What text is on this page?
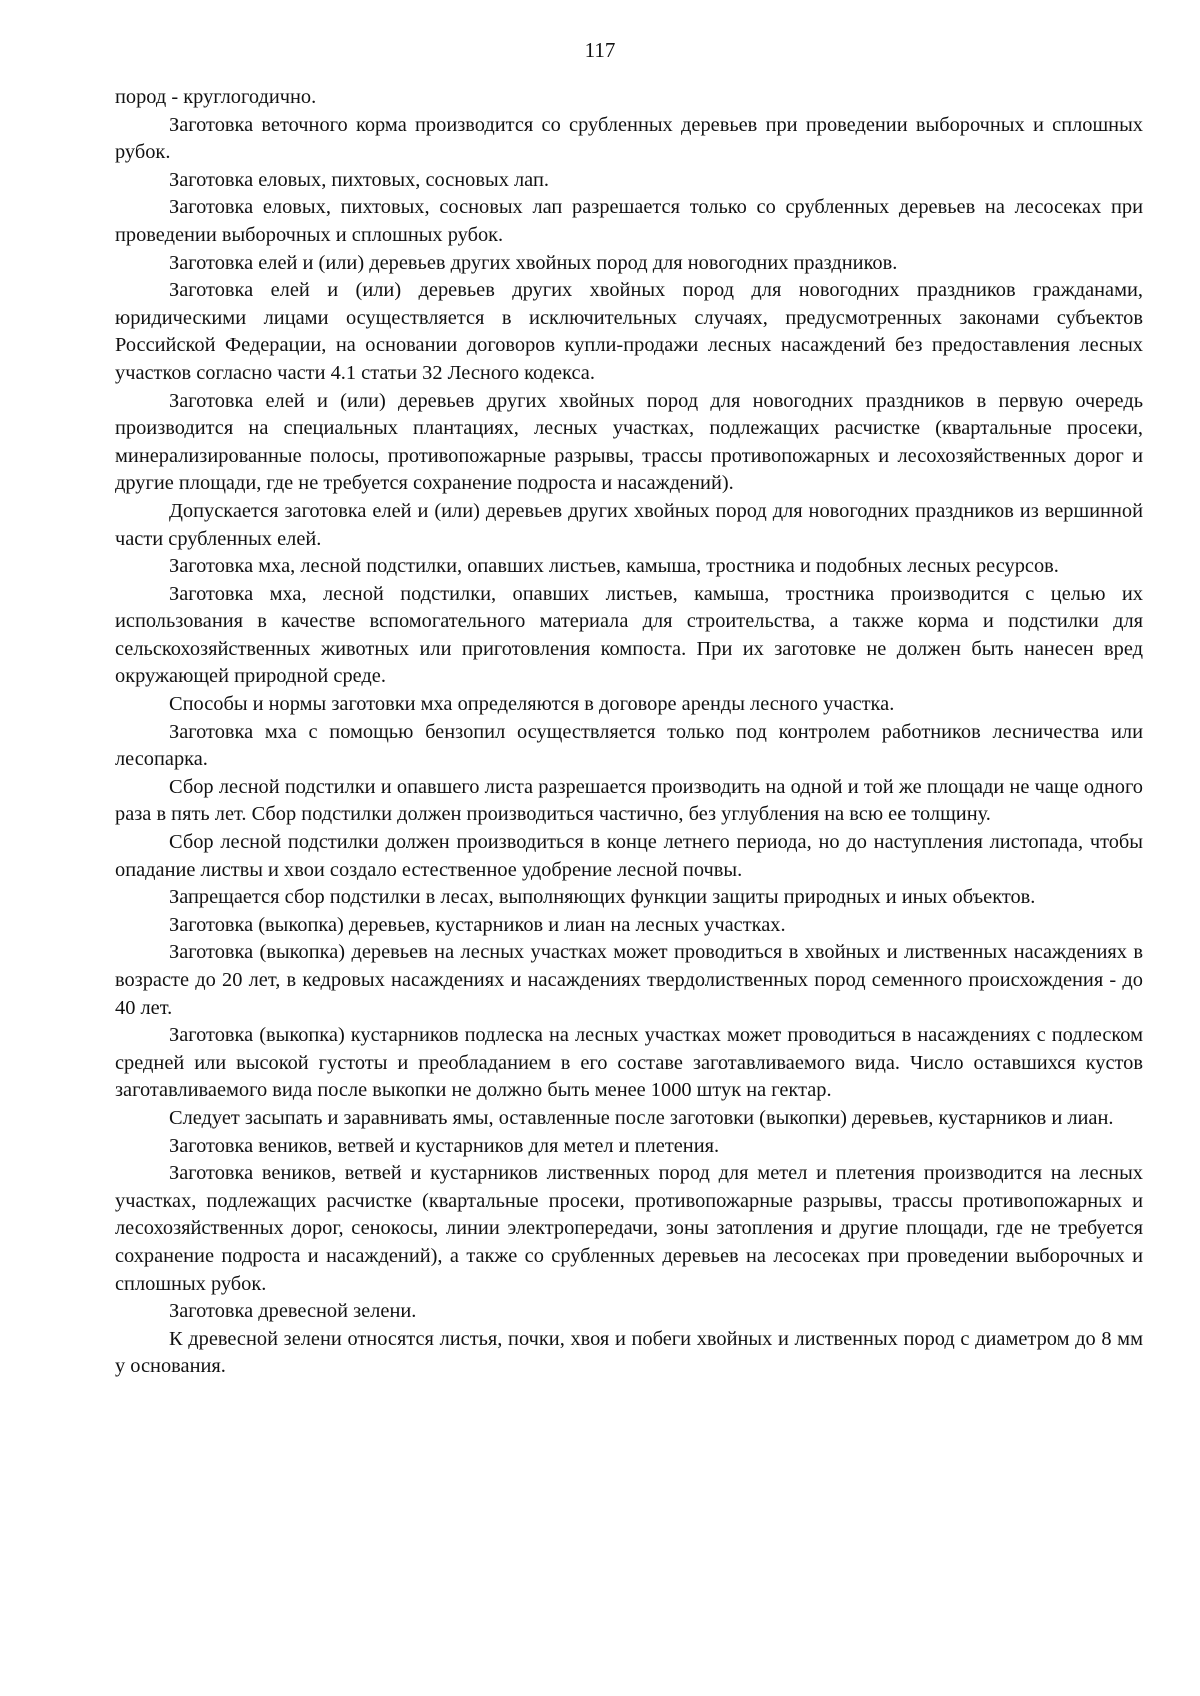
117

пород - круглогодично.

Заготовка веточного корма производится со срубленных деревьев при проведении выборочных и сплошных рубок.

Заготовка еловых, пихтовых, сосновых лап.

Заготовка еловых, пихтовых, сосновых лап разрешается только со срубленных деревьев на лесосеках при проведении выборочных и сплошных рубок.

Заготовка елей и (или) деревьев других хвойных пород для новогодних праздников.

Заготовка елей и (или) деревьев других хвойных пород для новогодних праздников гражданами, юридическими лицами осуществляется в исключительных случаях, предусмотренных законами субъектов Российской Федерации, на основании договоров купли-продажи лесных насаждений без предоставления лесных участков согласно части 4.1 статьи 32 Лесного кодекса.

Заготовка елей и (или) деревьев других хвойных пород для новогодних праздников в первую очередь производится на специальных плантациях, лесных участках, подлежащих расчистке (квартальные просеки, минерализированные полосы, противопожарные разрывы, трассы противопожарных и лесохозяйственных дорог и другие площади, где не требуется сохранение подроста и насаждений).

Допускается заготовка елей и (или) деревьев других хвойных пород для новогодних праздников из вершинной части срубленных елей.

Заготовка мха, лесной подстилки, опавших листьев, камыша, тростника и подобных лесных ресурсов.

Заготовка мха, лесной подстилки, опавших листьев, камыша, тростника производится с целью их использования в качестве вспомогательного материала для строительства, а также корма и подстилки для сельскохозяйственных животных или приготовления компоста. При их заготовке не должен быть нанесен вред окружающей природной среде.

Способы и нормы заготовки мха определяются в договоре аренды лесного участка.

Заготовка мха с помощью бензопил осуществляется только под контролем работников лесничества или лесопарка.

Сбор лесной подстилки и опавшего листа разрешается производить на одной и той же площади не чаще одного раза в пять лет. Сбор подстилки должен производиться частично, без углубления на всю ее толщину.

Сбор лесной подстилки должен производиться в конце летнего периода, но до наступления листопада, чтобы опадание листвы и хвои создало естественное удобрение лесной почвы.

Запрещается сбор подстилки в лесах, выполняющих функции защиты природных и иных объектов.

Заготовка (выкопка) деревьев, кустарников и лиан на лесных участках.

Заготовка (выкопка) деревьев на лесных участках может проводиться в хвойных и лиственных насаждениях в возрасте до 20 лет, в кедровых насаждениях и насаждениях твердолиственных пород семенного происхождения - до 40 лет.

Заготовка (выкопка) кустарников подлеска на лесных участках может проводиться в насаждениях с подлеском средней или высокой густоты и преобладанием в его составе заготавливаемого вида. Число оставшихся кустов заготавливаемого вида после выкопки не должно быть менее 1000 штук на гектар.

Следует засыпать и заравнивать ямы, оставленные после заготовки (выкопки) деревьев, кустарников и лиан.

Заготовка веников, ветвей и кустарников для метел и плетения.

Заготовка веников, ветвей и кустарников лиственных пород для метел и плетения производится на лесных участках, подлежащих расчистке (квартальные просеки, противопожарные разрывы, трассы противопожарных и лесохозяйственных дорог, сенокосы, линии электропередачи, зоны затопления и другие площади, где не требуется сохранение подроста и насаждений), а также со срубленных деревьев на лесосеках при проведении выборочных и сплошных рубок.

Заготовка древесной зелени.

К древесной зелени относятся листья, почки, хвоя и побеги хвойных и лиственных пород с диаметром до 8 мм у основания.
